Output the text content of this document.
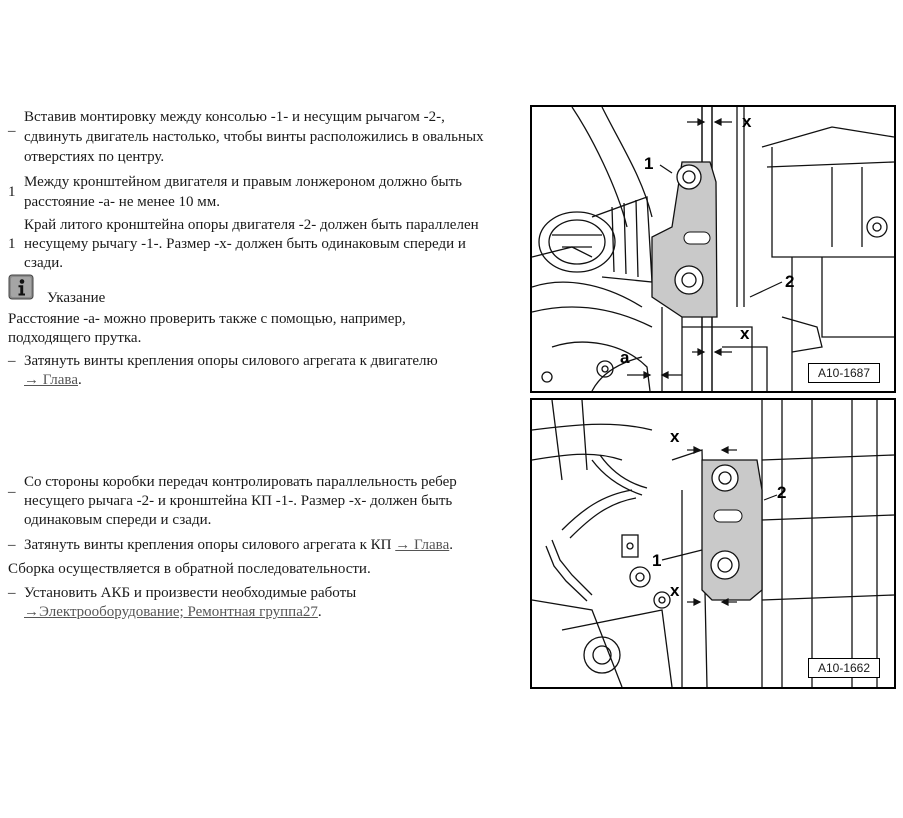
–
Вставив монтировку между консолью -1- и несущим рычагом -2-,
сдвинуть двигатель настолько, чтобы винты расположились в овальных
отверстиях по центру.
1
Между кронштейном двигателя и правым лонжероном должно быть
расстояние -a- не менее 10 мм.
1
Край литого кронштейна опоры двигателя -2- должен быть параллелен
несущему рычагу -1-. Размер -x- должен быть одинаковым спереди и
сзади.
Указание
Расстояние -a- можно проверить также с помощью, например,
подходящего прутка.
– Затянуть винты крепления опоры силового агрегата к двигателю
→ Глава.
–
Со стороны коробки передач контролировать параллельность ребер
несущего рычага -2- и кронштейна КП -1-. Размер -x- должен быть
одинаковым спереди и сзади.
– Затянуть винты крепления опоры силового агрегата к КП → Глава.
Сборка осуществляется в обратной последовательности.
– Установить АКБ и произвести необходимые работы
→Электрооборудование; Ремонтная группа27.
1
2
x
x
a
A10-1687
x
x
1
2
A10-1662
